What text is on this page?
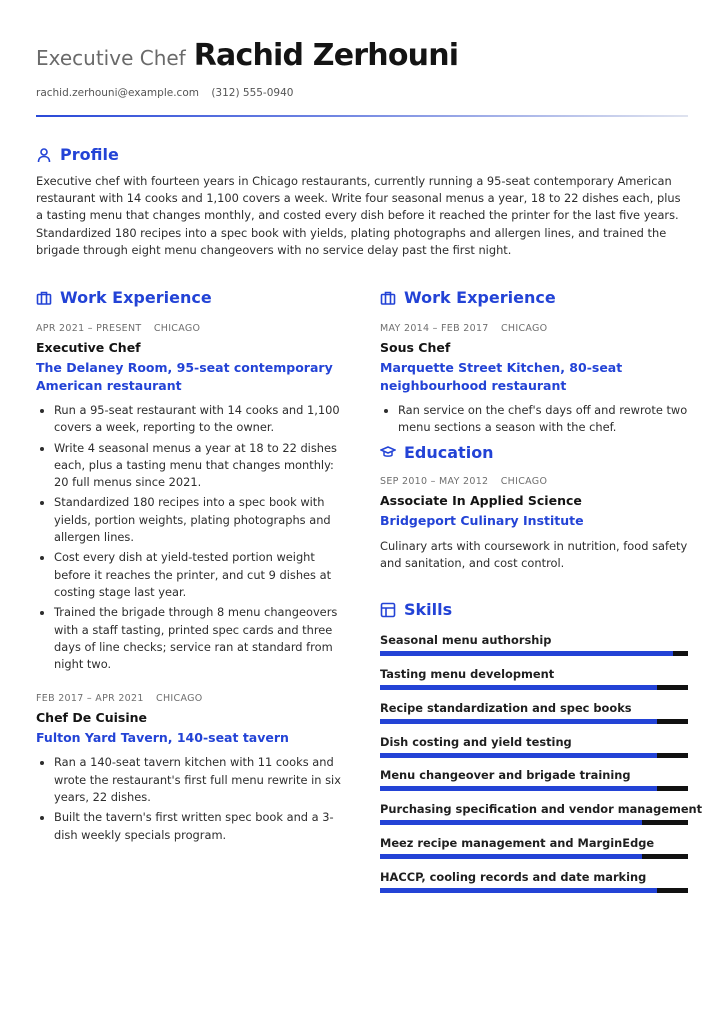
Executive Chef Rachid Zerhouni
rachid.zerhouni@example.com (312) 555-0940
Profile
Executive chef with fourteen years in Chicago restaurants, currently running a 95-seat contemporary American restaurant with 14 cooks and 1,100 covers a week. Write four seasonal menus a year, 18 to 22 dishes each, plus a tasting menu that changes monthly, and costed every dish before it reached the printer for the last five years. Standardized 180 recipes into a spec book with yields, plating photographs and allergen lines, and trained the brigade through eight menu changeovers with no service delay past the first night.
Work Experience
APR 2021 – PRESENT CHICAGO
Executive Chef
The Delaney Room, 95-seat contemporary American restaurant
Run a 95-seat restaurant with 14 cooks and 1,100 covers a week, reporting to the owner.
Write 4 seasonal menus a year at 18 to 22 dishes each, plus a tasting menu that changes monthly: 20 full menus since 2021.
Standardized 180 recipes into a spec book with yields, portion weights, plating photographs and allergen lines.
Cost every dish at yield-tested portion weight before it reaches the printer, and cut 9 dishes at costing stage last year.
Trained the brigade through 8 menu changeovers with a staff tasting, printed spec cards and three days of line checks; service ran at standard from night two.
FEB 2017 – APR 2021 CHICAGO
Chef De Cuisine
Fulton Yard Tavern, 140-seat tavern
Ran a 140-seat tavern kitchen with 11 cooks and wrote the restaurant's first full menu rewrite in six years, 22 dishes.
Built the tavern's first written spec book and a 3-dish weekly specials program.
Work Experience
MAY 2014 – FEB 2017 CHICAGO
Sous Chef
Marquette Street Kitchen, 80-seat neighbourhood restaurant
Ran service on the chef's days off and rewrote two menu sections a season with the chef.
Education
SEP 2010 – MAY 2012 CHICAGO
Associate In Applied Science
Bridgeport Culinary Institute
Culinary arts with coursework in nutrition, food safety and sanitation, and cost control.
Skills
Seasonal menu authorship
Tasting menu development
Recipe standardization and spec books
Dish costing and yield testing
Menu changeover and brigade training
Purchasing specification and vendor management
Meez recipe management and MarginEdge
HACCP, cooling records and date marking
